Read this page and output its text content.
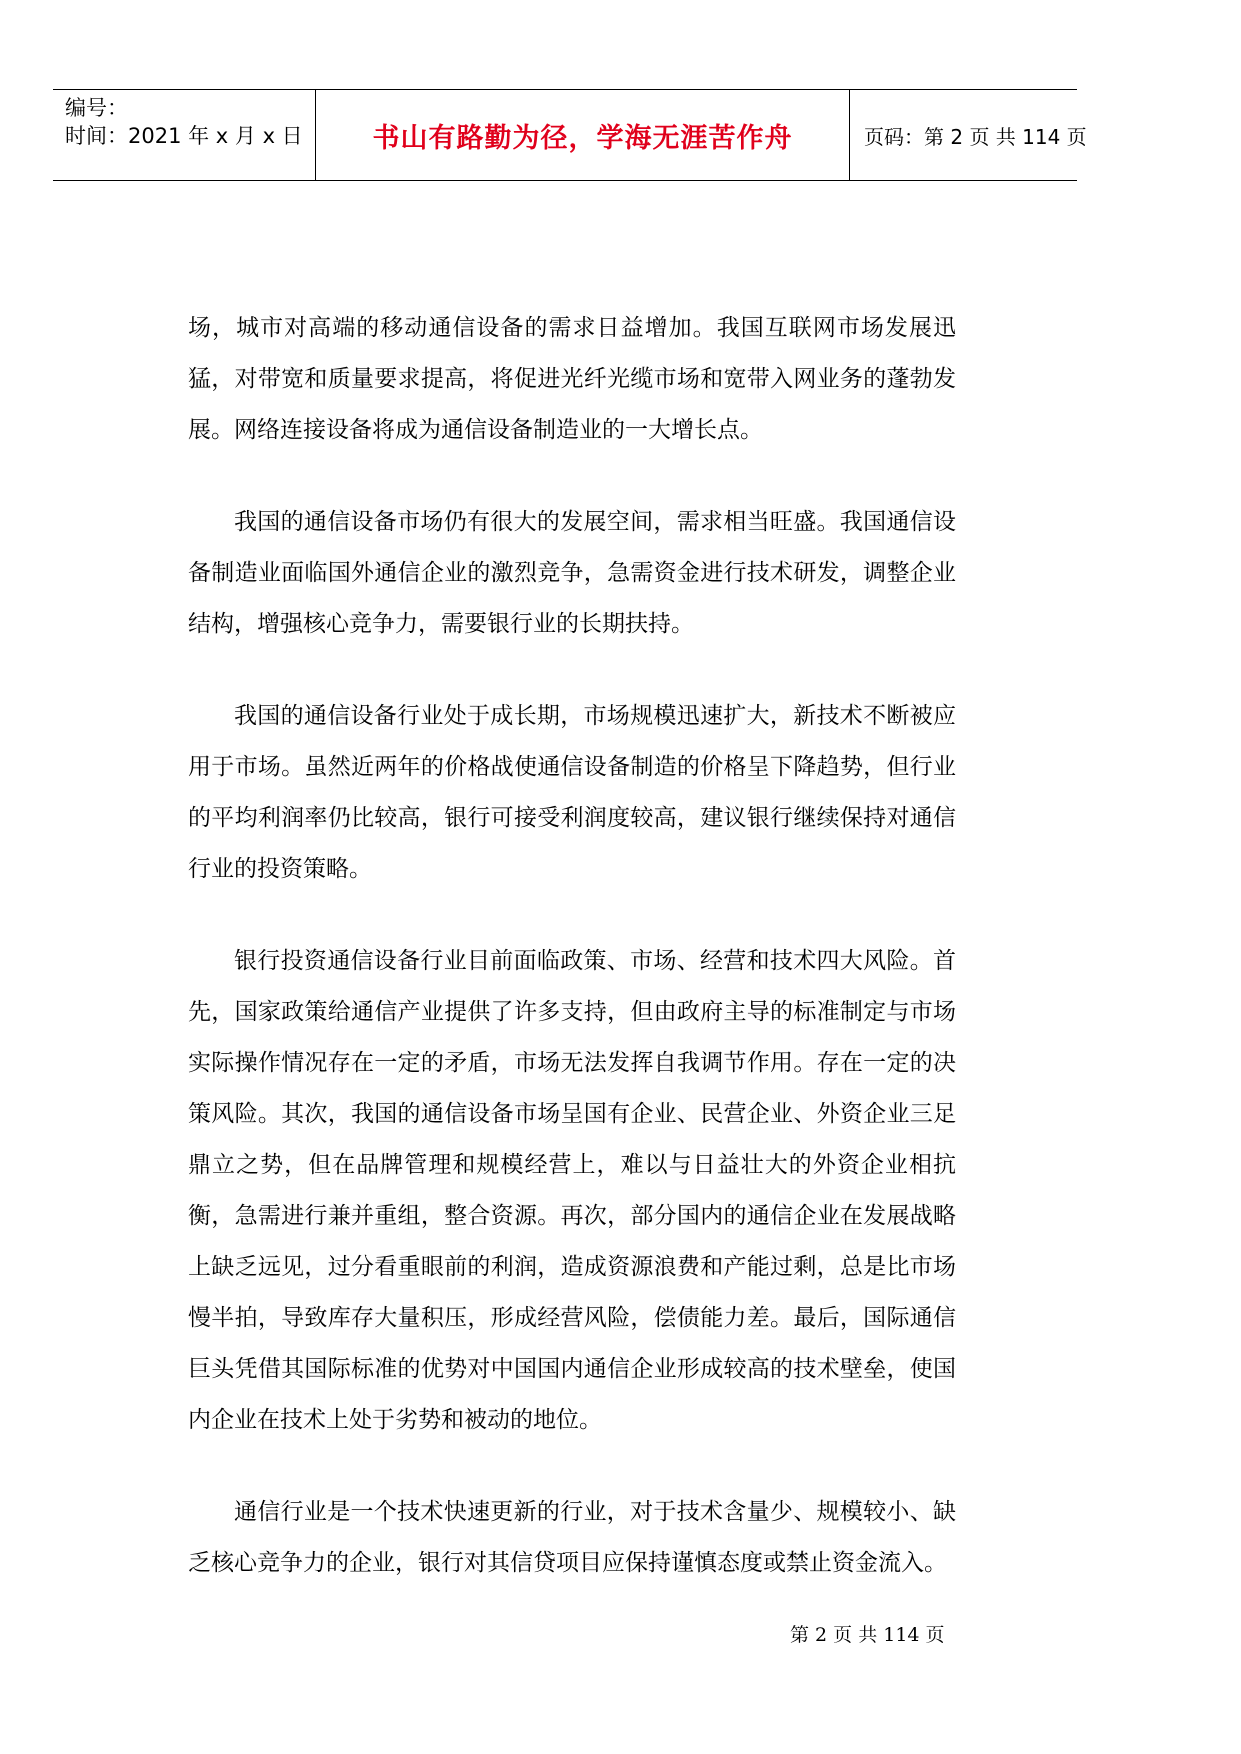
编号：
时间：2021 年 x 月 x 日	书山有路勤为径，学海无涯苦作舟	页码：第 2 页 共 114 页

场，城市对高端的移动通信设备的需求日益增加。我国互联网市场发展迅猛，对带宽和质量要求提高，将促进光纤光缆市场和宽带入网业务的蓬勃发展。网络连接设备将成为通信设备制造业的一大增长点。

我国的通信设备市场仍有很大的发展空间，需求相当旺盛。我国通信设备制造业面临国外通信企业的激烈竞争，急需资金进行技术研发，调整企业结构，增强核心竞争力，需要银行业的长期扶持。

我国的通信设备行业处于成长期，市场规模迅速扩大，新技术不断被应用于市场。虽然近两年的价格战使通信设备制造的价格呈下降趋势，但行业的平均利润率仍比较高，银行可接受利润度较高，建议银行继续保持对通信行业的投资策略。

银行投资通信设备行业目前面临政策、市场、经营和技术四大风险。首先，国家政策给通信产业提供了许多支持，但由政府主导的标准制定与市场实际操作情况存在一定的矛盾，市场无法发挥自我调节作用。存在一定的决策风险。其次，我国的通信设备市场呈国有企业、民营企业、外资企业三足鼎立之势，但在品牌管理和规模经营上，难以与日益壮大的外资企业相抗衡，急需进行兼并重组，整合资源。再次，部分国内的通信企业在发展战略上缺乏远见，过分看重眼前的利润，造成资源浪费和产能过剩，总是比市场慢半拍，导致库存大量积压，形成经营风险，偿债能力差。最后，国际通信巨头凭借其国际标准的优势对中国国内通信企业形成较高的技术壁垒，使国内企业在技术上处于劣势和被动的地位。

通信行业是一个技术快速更新的行业，对于技术含量少、规模较小、缺乏核心竞争力的企业，银行对其信贷项目应保持谨慎态度或禁止资金流入。

第 2 页 共 114 页
